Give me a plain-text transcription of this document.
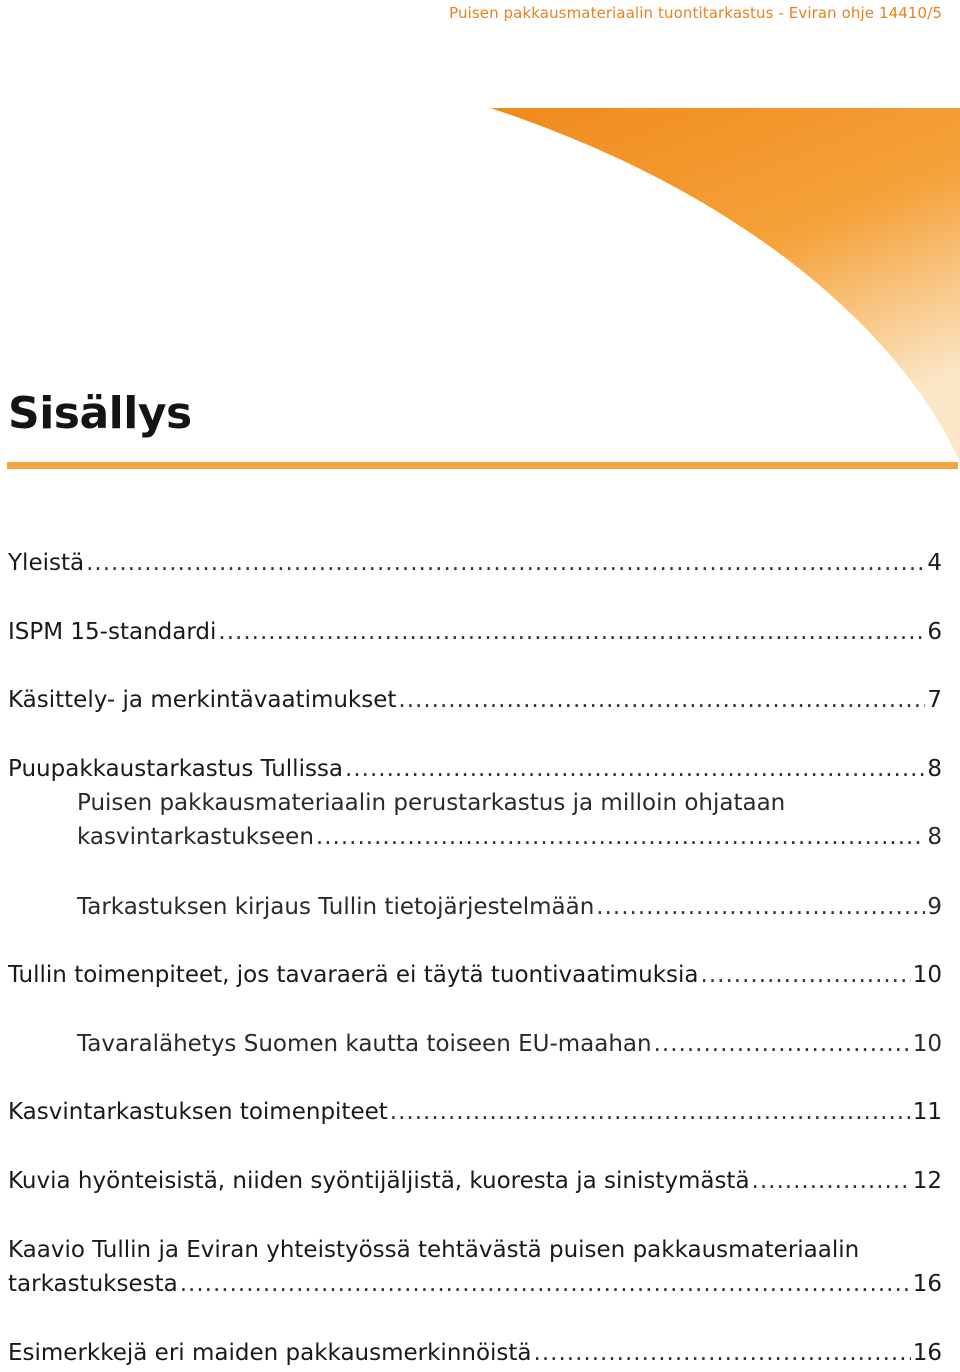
Puisen pakkausmateriaalin tuontitarkastus - Eviran ohje 14410/5
Sisällys
Yleistä .....	4
ISPM 15-standardi .....	6
Käsittely- ja merkintävaatimukset .....	7
Puupakkaustarkastus Tullissa .....	8
Puisen pakkausmateriaalin perustarkastus ja milloin ohjataan
kasvintarkastukseen .....	8
Tarkastuksen kirjaus Tullin tietojärjestelmään .....	9
Tullin toimenpiteet, jos tavaraerä ei täytä tuontivaatimuksia .....	10
Tavaralähetys Suomen kautta toiseen EU-maahan .....	10
Kasvintarkastuksen toimenpiteet .....	11
Kuvia hyönteisistä, niiden syöntijäljistä, kuoresta ja sinistymästä .....	12
Kaavio Tullin ja Eviran yhteistyössä tehtävästä puisen pakkausmateriaalin
tarkastuksesta .....	16
Esimerkkejä eri maiden pakkausmerkinnöistä .....	16
